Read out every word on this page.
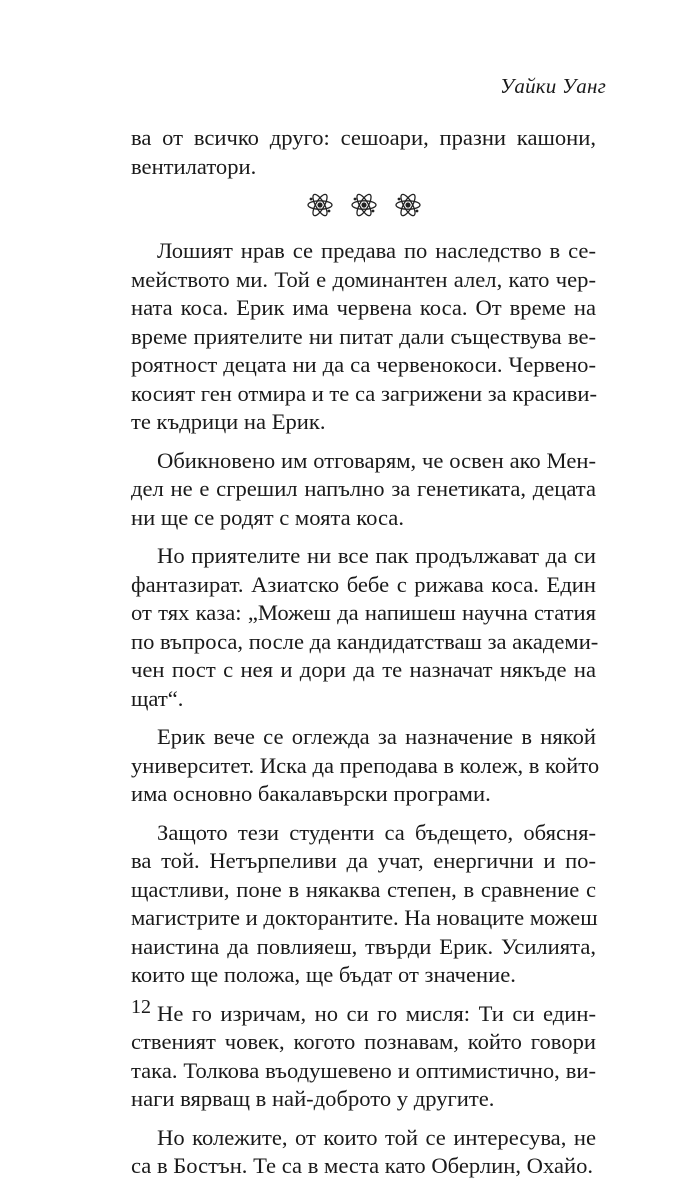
Уайки Уанг
ва от всичко друго: сешоари, празни кашони,
вентилатори.
Лошият нрав се предава по наследство в се-
мейството ми. Той е доминантен алел, като чер-
ната коса. Ерик има червена коса. От време на
време приятелите ни питат дали съществува ве-
роятност децата ни да са червенокоси. Червено-
косият ген отмира и те са загрижени за красиви-
те къдрици на Ерик.
Обикновено им отговарям, че освен ако Мен-
дел не е сгрешил напълно за генетиката, децата
ни ще се родят с моята коса.
Но приятелите ни все пак продължават да си
фантазират. Азиатско бебе с рижава коса. Един
от тях каза: „Можеш да напишеш научна статия
по въпроса, после да кандидатстваш за академи-
чен пост с нея и дори да те назначат някъде на
щат“.
Ерик вече се оглежда за назначение в някой
университет. Иска да преподава в колеж, в който
има основно бакалавърски програми.
Защото тези студенти са бъдещето, обясня-
ва той. Нетърпеливи да учат, енергични и по-
щастливи, поне в някаква степен, в сравнение с
магистрите и докторантите. На новаците можеш
наистина да повлияеш, твърди Ерик. Усилията,
които ще положа, ще бъдат от значение.
Не го изричам, но си го мисля: Ти си един-
ственият човек, когото познавам, който говори
така. Толкова въодушевено и оптимистично, ви-
наги вярващ в най-доброто у другите.
Но колежите, от които той се интересува, не
са в Бостън. Те са в места като Оберлин, Охайо.
12
